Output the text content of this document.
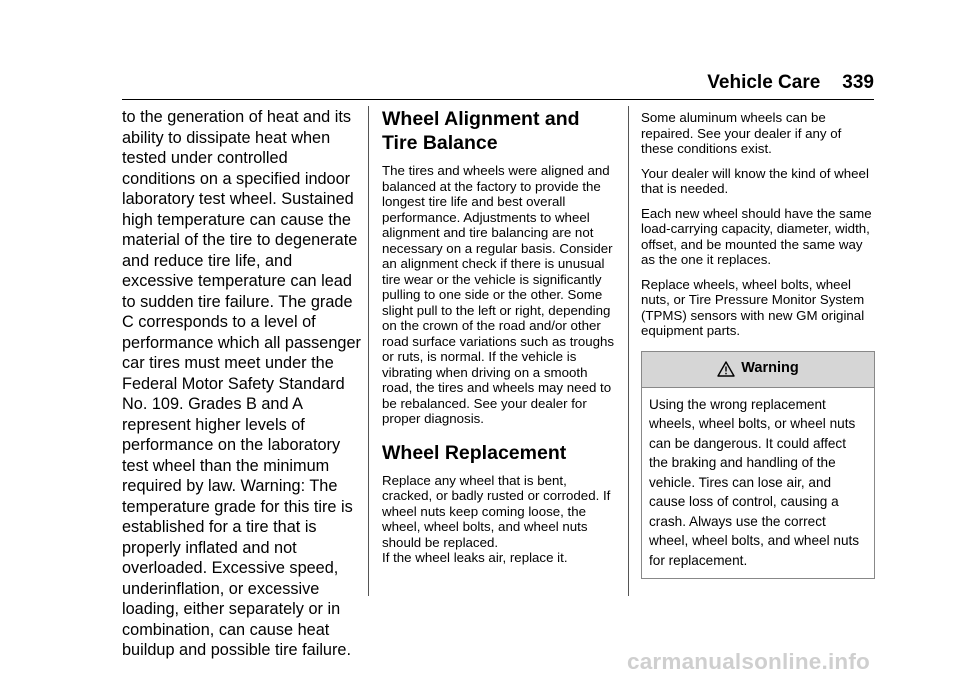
Vehicle Care 339

to the generation of heat and its ability to dissipate heat when tested under controlled conditions on a specified indoor laboratory test wheel. Sustained high temperature can cause the material of the tire to degenerate and reduce tire life, and excessive temperature can lead to sudden tire failure. The grade C corresponds to a level of performance which all passenger car tires must meet under the Federal Motor Safety Standard No. 109. Grades B and A represent higher levels of performance on the laboratory test wheel than the minimum required by law. Warning: The temperature grade for this tire is established for a tire that is properly inflated and not overloaded. Excessive speed, underinflation, or excessive loading, either separately or in combination, can cause heat buildup and possible tire failure.

Wheel Alignment and Tire Balance

The tires and wheels were aligned and balanced at the factory to provide the longest tire life and best overall performance. Adjustments to wheel alignment and tire balancing are not necessary on a regular basis. Consider an alignment check if there is unusual tire wear or the vehicle is significantly pulling to one side or the other. Some slight pull to the left or right, depending on the crown of the road and/or other road surface variations such as troughs or ruts, is normal. If the vehicle is vibrating when driving on a smooth road, the tires and wheels may need to be rebalanced. See your dealer for proper diagnosis.

Wheel Replacement

Replace any wheel that is bent, cracked, or badly rusted or corroded. If wheel nuts keep coming loose, the wheel, wheel bolts, and wheel nuts should be replaced.

If the wheel leaks air, replace it.

Some aluminum wheels can be repaired. See your dealer if any of these conditions exist.

Your dealer will know the kind of wheel that is needed.

Each new wheel should have the same load-carrying capacity, diameter, width, offset, and be mounted the same way as the one it replaces.

Replace wheels, wheel bolts, wheel nuts, or Tire Pressure Monitor System (TPMS) sensors with new GM original equipment parts.

Warning
Using the wrong replacement wheels, wheel bolts, or wheel nuts can be dangerous. It could affect the braking and handling of the vehicle. Tires can lose air, and cause loss of control, causing a crash. Always use the correct wheel, wheel bolts, and wheel nuts for replacement.
carmanualsonline.info
